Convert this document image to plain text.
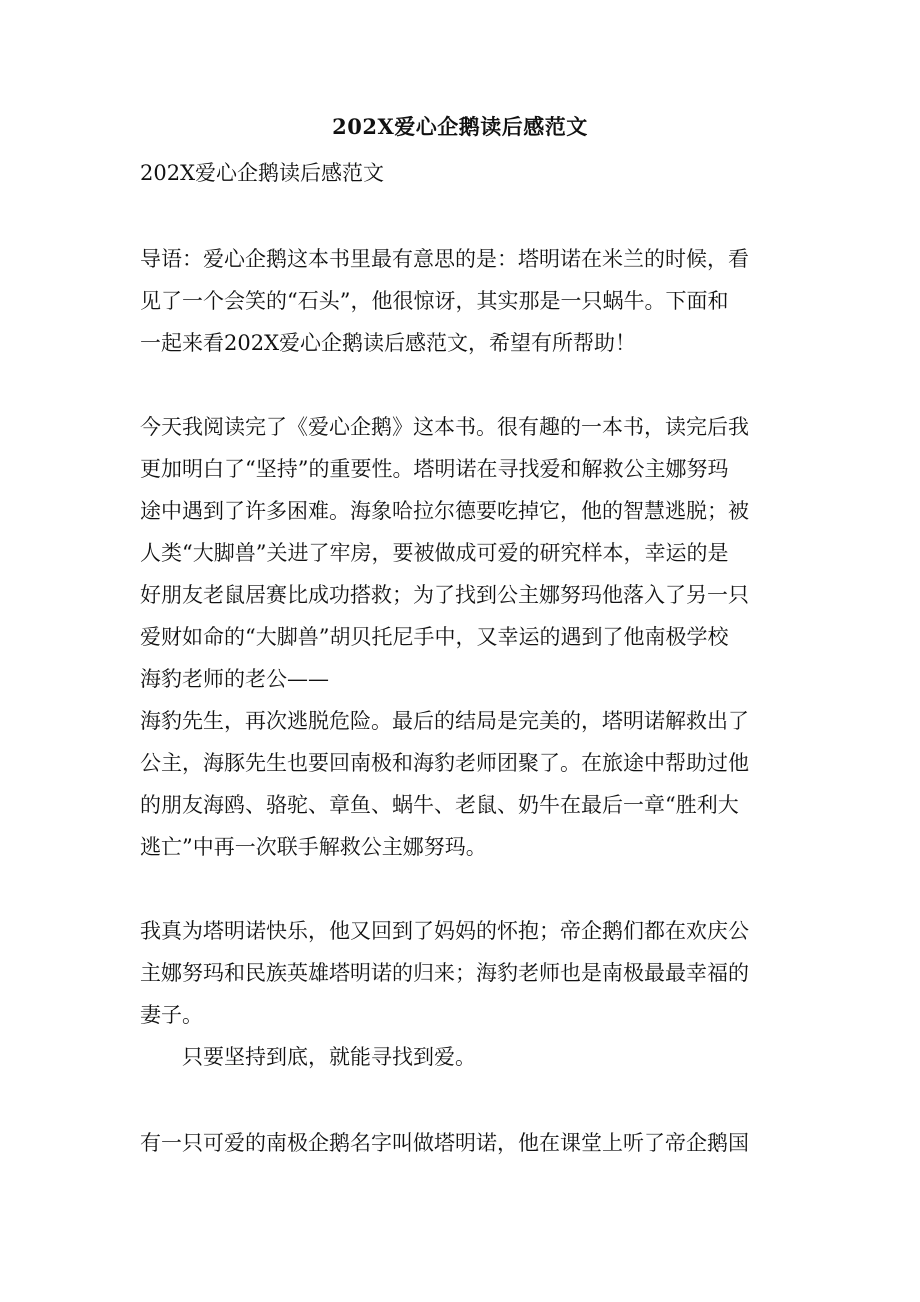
202X爱心企鹅读后感范文
202X爱心企鹅读后感范文
导语：爱心企鹅这本书里最有意思的是：塔明诺在米兰的时候，看
见了一个会笑的“石头”，他很惊讶，其实那是一只蜗牛。下面和
一起来看202X爱心企鹅读后感范文，希望有所帮助！
今天我阅读完了《爱心企鹅》这本书。很有趣的一本书，读完后我
更加明白了“坚持”的重要性。塔明诺在寻找爱和解救公主娜努玛
途中遇到了许多困难。海象哈拉尔德要吃掉它，他的智慧逃脱；被
人类“大脚兽”关进了牢房，要被做成可爱的研究样本，幸运的是
好朋友老鼠居赛比成功搭救；为了找到公主娜努玛他落入了另一只
爱财如命的“大脚兽”胡贝托尼手中，又幸运的遇到了他南极学校
海豹老师的老公——
海豹先生，再次逃脱危险。最后的结局是完美的，塔明诺解救出了
公主，海豚先生也要回南极和海豹老师团聚了。在旅途中帮助过他
的朋友海鸥、骆驼、章鱼、蜗牛、老鼠、奶牛在最后一章“胜利大
逃亡”中再一次联手解救公主娜努玛。
我真为塔明诺快乐，他又回到了妈妈的怀抱；帝企鹅们都在欢庆公
主娜努玛和民族英雄塔明诺的归来；海豹老师也是南极最最幸福的
妻子。
只要坚持到底，就能寻找到爱。
有一只可爱的南极企鹅名字叫做塔明诺，他在课堂上听了帝企鹅国
